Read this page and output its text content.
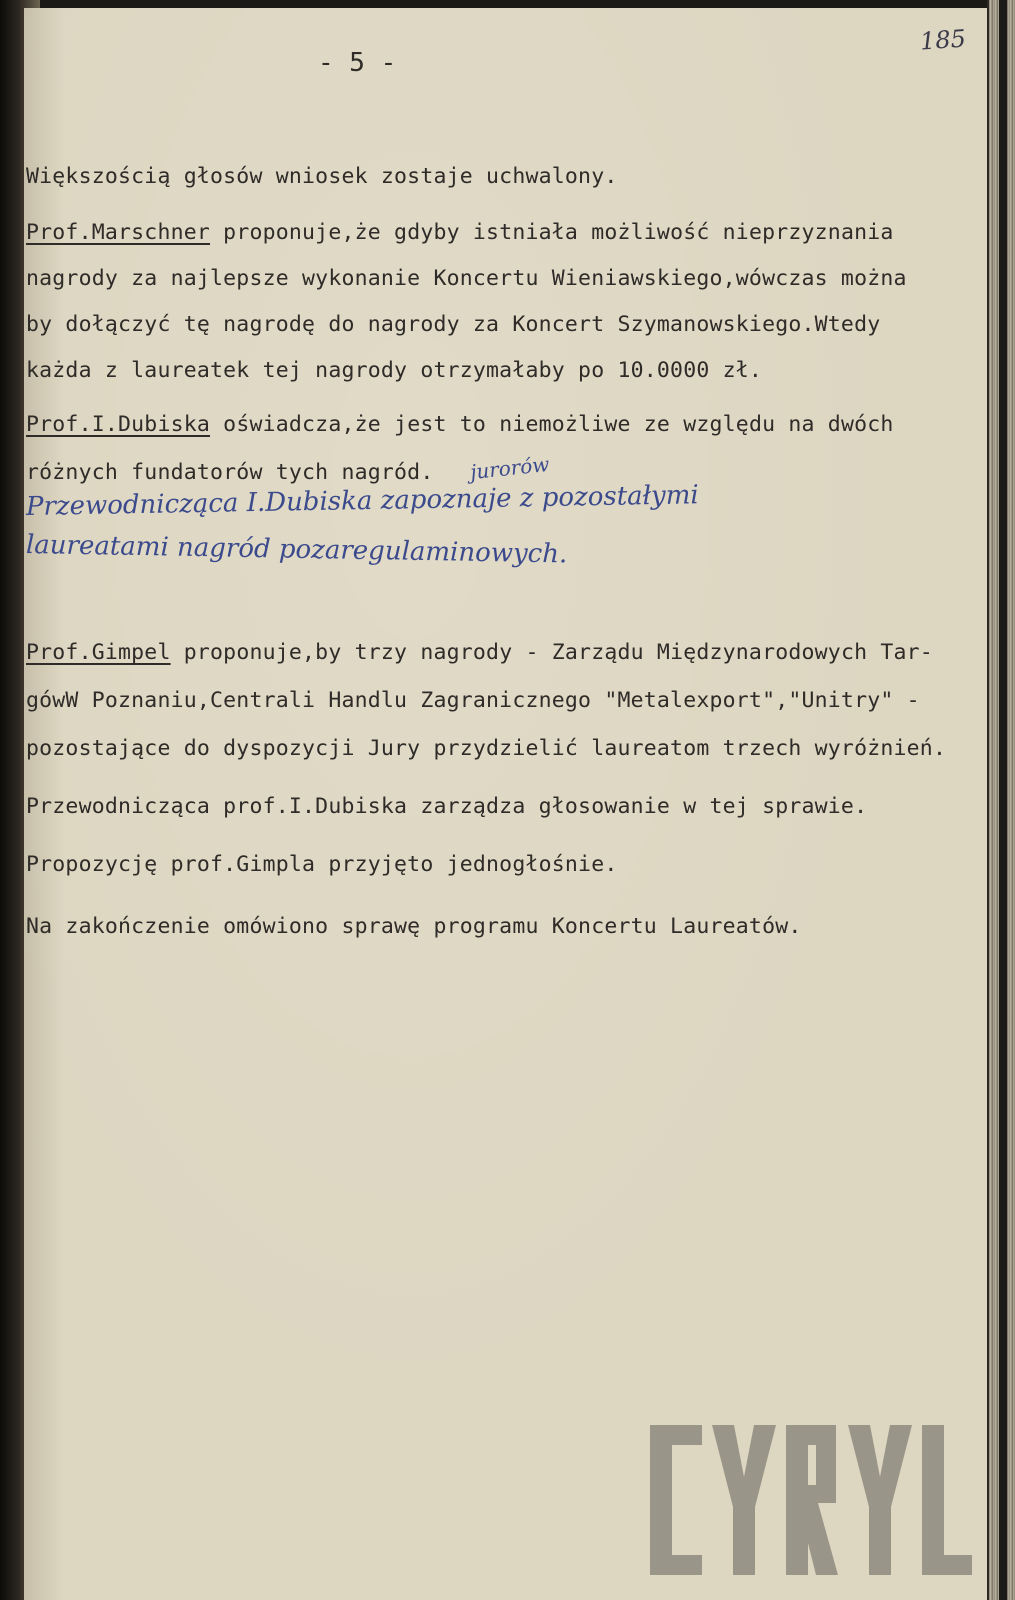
- 5 -
185

Większością głosów wniosek zostaje uchwalony.

Prof.Marschner proponuje,że gdyby istniała możliwość nieprzyznania

nagrody za najlepsze wykonanie Koncertu Wieniawskiego,wówczas można

by dołączyć tę nagrodę do nagrody za Koncert Szymanowskiego.Wtedy

każda z laureatek tej nagrody otrzymałaby po 10.0000 zł.

Prof.I.Dubiska oświadcza,że jest to niemożliwe ze względu na dwóch

różnych fundatorów tych nagród. jurorów
Przewodnicząca I.Dubiska zapoznaje z pozostałymi
laureatami nagród pozaregulaminowych.

Prof.Gimpel proponuje,by trzy nagrody - Zarządu Międzynarodowych Tar-

gówW Poznaniu,Centrali Handlu Zagranicznego "Metalexport","Unitry" -

pozostające do dyspozycji Jury przydzielić laureatom trzech wyróżnień.

Przewodnicząca prof.I.Dubiska zarządza głosowanie w tej sprawie.

Propozycję prof.Gimpla przyjęto jednogłośnie.

Na zakończenie omówiono sprawę programu Koncertu Laureatów.
